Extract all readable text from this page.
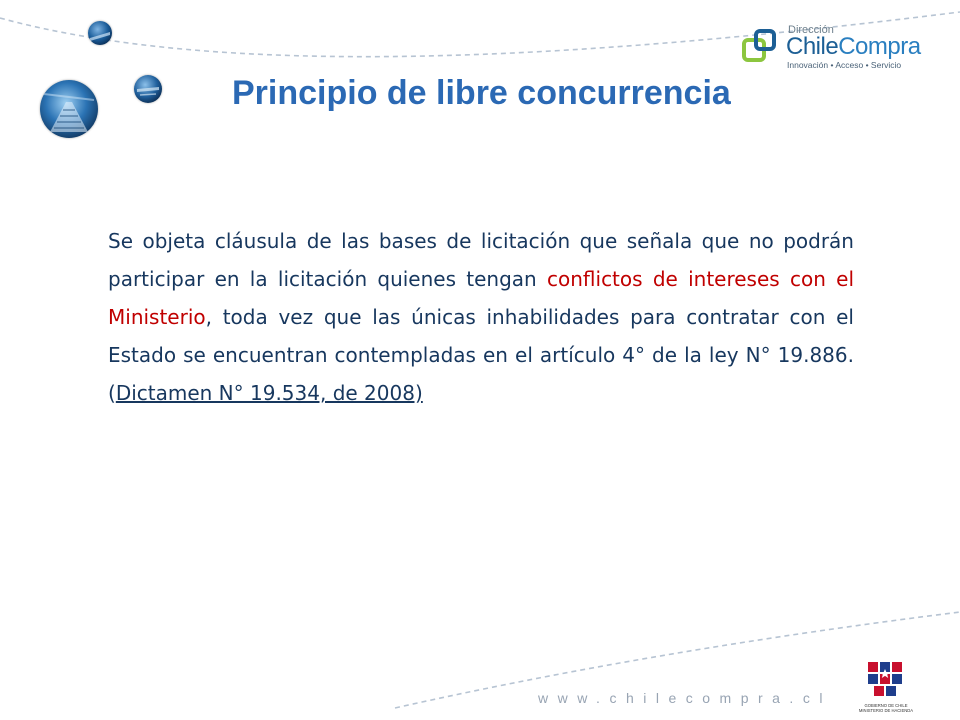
Dirección
ChileCompra
Innovación • Acceso • Servicio
Principio de libre concurrencia
Se objeta cláusula de las bases de licitación que señala que no podrán participar en la licitación quienes tengan conflictos de intereses con el Ministerio, toda vez que las únicas inhabilidades para contratar con el Estado se encuentran contempladas en el artículo 4° de la ley N° 19.886. (Dictamen N° 19.534, de 2008)
www.chilecompra.cl	GOBIERNO DE CHILE
MINISTERIO DE HACIENDA
